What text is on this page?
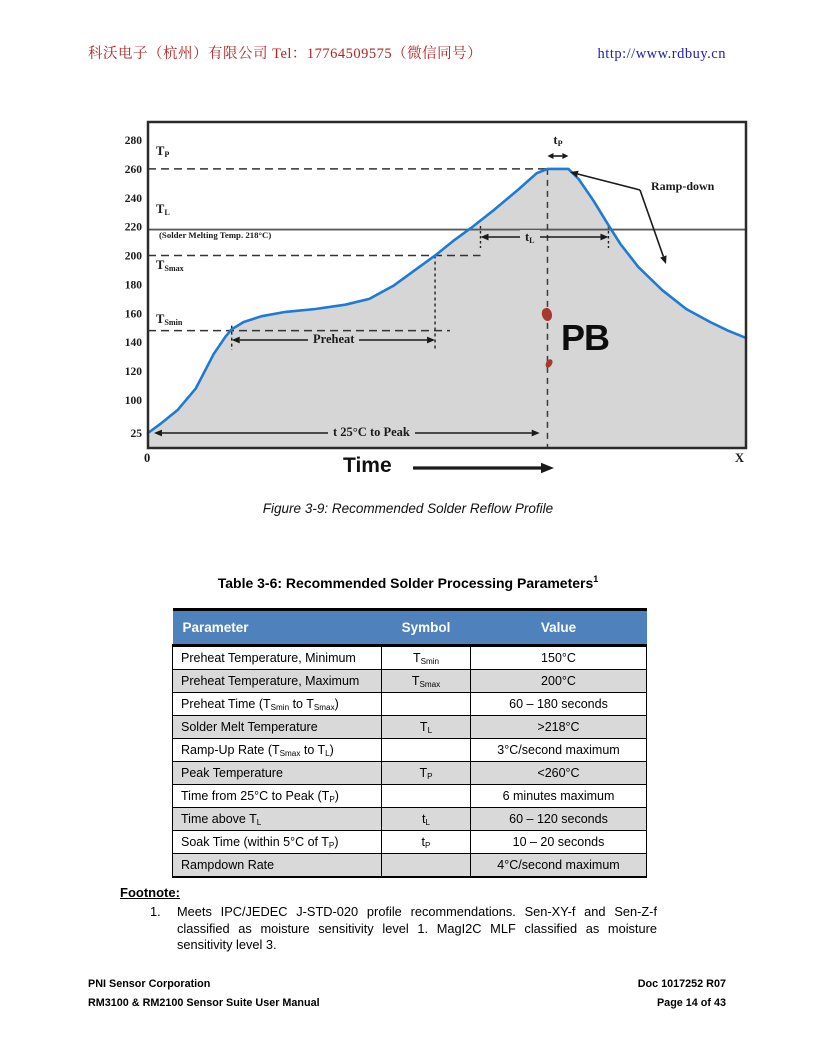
科沃电子（杭州）有限公司 Tel：17764509575（微信同号）	http://www.rdbuy.cn
280
260
240
220
200
180
160
140
120
100
25
$T_P$
$T_L$
(Solder Melting Temp. 218°C)
$T_{Smax}$
$T_{Smin}$
$t_P$
$t_L$
Preheat
t 25°C to Peak
Ramp-down
PB
0	X
Time
Figure 3-9: Recommended Solder Reflow Profile
Table 3-6: Recommended Solder Processing Parameters$^1$
Parameter	Symbol	Value
Preheat Temperature, Minimum	$T_{Smin}$	150°C
Preheat Temperature, Maximum	$T_{Smax}$	200°C
Preheat Time ($T_{Smin}$ to $T_{Smax}$)		60 – 180 seconds
Solder Melt Temperature	$T_L$	>218°C
Ramp-Up Rate ($T_{Smax}$ to $T_L$)		3°C/second maximum
Peak Temperature	$T_P$	<260°C
Time from 25°C to Peak $(T_P)$		6 minutes maximum
Time above $T_L$	$t_L$	60 – 120 seconds
Soak Time (within 5°C of $T_P$)	$t_P$	10 – 20 seconds
Rampdown Rate		4°C/second maximum
Footnote:
1.	Meets IPC/JEDEC J-STD-020 profile recommendations. Sen-XY-f and Sen-Z-f classified as moisture sensitivity level 1. MagI2C MLF classified as moisture sensitivity level 3.
PNI Sensor Corporation
RM3100 & RM2100 Sensor Suite User Manual
Doc 1017252 R07
Page 14 of 43
